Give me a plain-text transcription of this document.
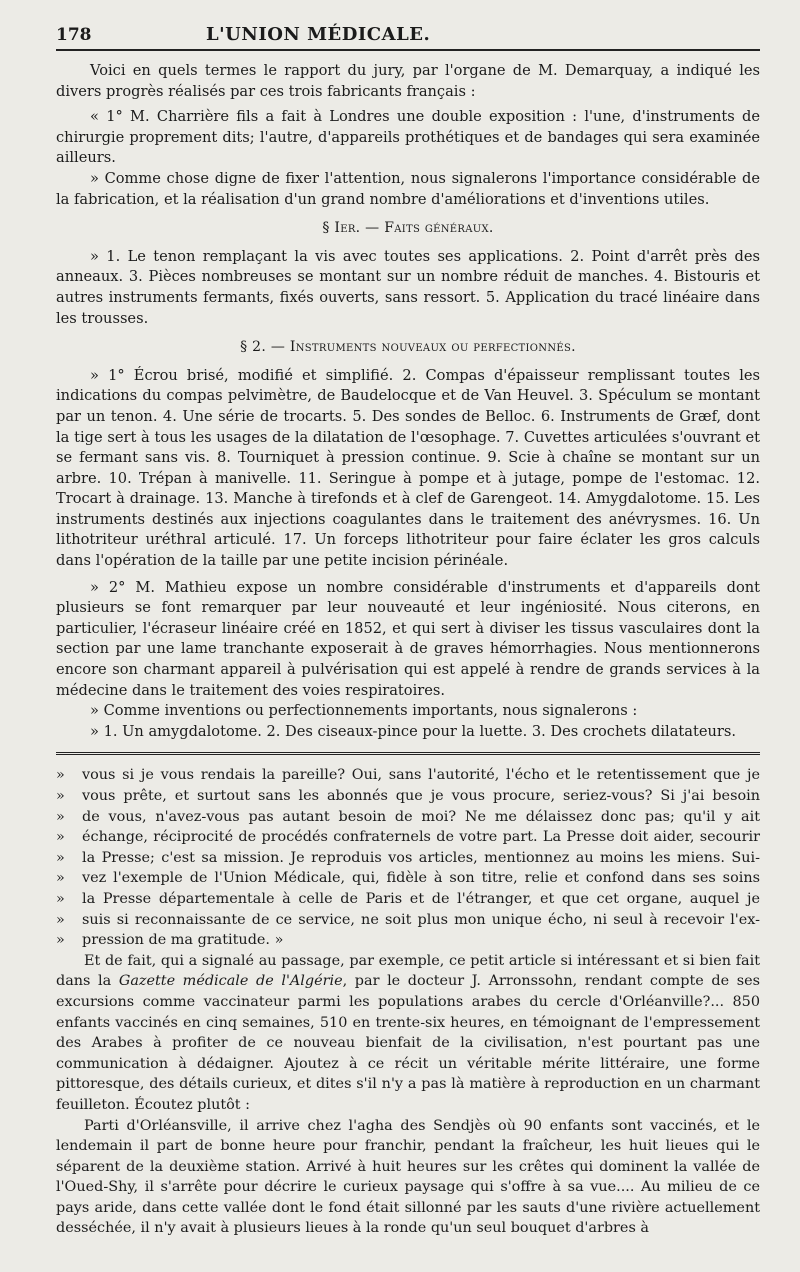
178	L'UNION MÉDICALE.

Voici en quels termes le rapport du jury, par l'organe de M. Demarquay, a indiqué les divers progrès réalisés par ces trois fabricants français :

« 1° M. Charrière fils a fait à Londres une double exposition : l'une, d'instruments de chirurgie proprement dits; l'autre, d'appareils prothétiques et de bandages qui sera examinée ailleurs.

» Comme chose digne de fixer l'attention, nous signalerons l'importance considérable de la fabrication, et la réalisation d'un grand nombre d'améliorations et d'inventions utiles.

§ Ier. — Faits généraux.

» 1. Le tenon remplaçant la vis avec toutes ses applications. 2. Point d'arrêt près des anneaux. 3. Pièces nombreuses se montant sur un nombre réduit de manches. 4. Bistouris et autres instruments fermants, fixés ouverts, sans ressort. 5. Application du tracé linéaire dans les trousses.

§ 2. — Instruments nouveaux ou perfectionnés.

» 1° Écrou brisé, modifié et simplifié. 2. Compas d'épaisseur remplissant toutes les indications du compas pelvimètre, de Baudelocque et de Van Heuvel. 3. Spéculum se montant par un tenon. 4. Une série de trocarts. 5. Des sondes de Belloc. 6. Instruments de Græf, dont la tige sert à tous les usages de la dilatation de l'œsophage. 7. Cuvettes articulées s'ouvrant et se fermant sans vis. 8. Tourniquet à pression continue. 9. Scie à chaîne se montant sur un arbre. 10. Trépan à manivelle. 11. Seringue à pompe et à jutage, pompe de l'estomac. 12. Trocart à drainage. 13. Manche à tirefonds et à clef de Garengeot. 14. Amygdalotome. 15. Les instruments destinés aux injections coagulantes dans le traitement des anévrysmes. 16. Un lithotriteur uréthral articulé. 17. Un forceps lithotriteur pour faire éclater les gros calculs dans l'opération de la taille par une petite incision périnéale.

» 2° M. Mathieu expose un nombre considérable d'instruments et d'appareils dont plusieurs se font remarquer par leur nouveauté et leur ingéniosité. Nous citerons, en particulier, l'écraseur linéaire créé en 1852, et qui sert à diviser les tissus vasculaires dont la section par une lame tranchante exposerait à de graves hémorrhagies. Nous mentionnerons encore son charmant appareil à pulvérisation qui est appelé à rendre de grands services à la médecine dans le traitement des voies respiratoires.

» Comme inventions ou perfectionnements importants, nous signalerons :

» 1. Un amygdalotome. 2. Des ciseaux-pince pour la luette. 3. Des crochets dilatateurs.

»	vous si je vous rendais la pareille? Oui, sans l'autorité, l'écho et le retentissement que je
»	vous prête, et surtout sans les abonnés que je vous procure, seriez-vous? Si j'ai besoin
»	de vous, n'avez-vous pas autant besoin de moi? Ne me délaissez donc pas; qu'il y ait
»	échange, réciprocité de procédés confraternels de votre part. La Presse doit aider, secourir
»	la Presse; c'est sa mission. Je reproduis vos articles, mentionnez au moins les miens. Sui-
»	vez l'exemple de l'Union Médicale, qui, fidèle à son titre, relie et confond dans ses soins
»	la Presse départementale à celle de Paris et de l'étranger, et que cet organe, auquel je
»	suis si reconnaissante de ce service, ne soit plus mon unique écho, ni seul à recevoir l'ex-
»	pression de ma gratitude. »

Et de fait, qui a signalé au passage, par exemple, ce petit article si intéressant et si bien fait dans la Gazette médicale de l'Algérie, par le docteur J. Arronssohn, rendant compte de ses excursions comme vaccinateur parmi les populations arabes du cercle d'Orléanville?... 850 enfants vaccinés en cinq semaines, 510 en trente-six heures, en témoignant de l'empressement des Arabes à profiter de ce nouveau bienfait de la civilisation, n'est pourtant pas une communication à dédaigner. Ajoutez à ce récit un véritable mérite littéraire, une forme pittoresque, des détails curieux, et dites s'il n'y a pas là matière à reproduction en un charmant feuilleton. Écoutez plutôt :

Parti d'Orléansville, il arrive chez l'agha des Sendjès où 90 enfants sont vaccinés, et le lendemain il part de bonne heure pour franchir, pendant la fraîcheur, les huit lieues qui le séparent de la deuxième station. Arrivé à huit heures sur les crêtes qui dominent la vallée de l'Oued-Shy, il s'arrête pour décrire le curieux paysage qui s'offre à sa vue.... Au milieu de ce pays aride, dans cette vallée dont le fond était sillonné par les sauts d'une rivière actuellement desséchée, il n'y avait à plusieurs lieues à la ronde qu'un seul bouquet d'arbres à
